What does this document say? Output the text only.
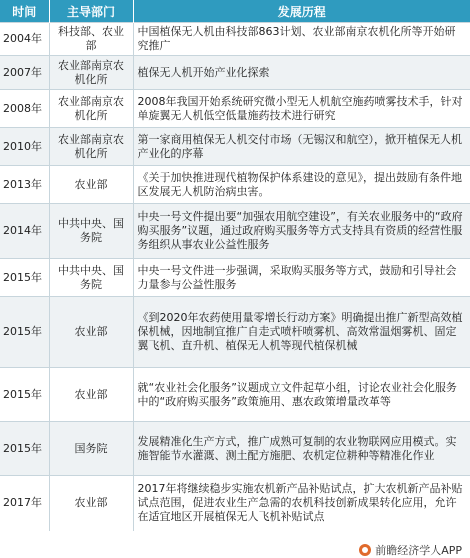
时间	主导部门	发展历程
2004年	科技部、农业部	中国植保无人机由科技部863计划、农业部南京农机化所等开始研究推广
2007年	农业部南京农机化所	植保无人机开始产业化探索
2008年	农业部南京农机化所	2008年我国开始系统研究微小型无人机航空施药喷雾技术手，针对单旋翼无人机低空低量施药技术进行研究
2010年	农业部南京农机化所	第一家商用植保无人机交付市场（无锡汉和航空），掀开植保无人机产业化的序幕
2013年	农业部	《关于加快推进现代植物保护体系建设的意见》，提出鼓励有条件地区发展无人机防治病虫害。
2014年	中共中央、国务院	中央一号文件提出要“加强农用航空建设”，有关农业服务中的“政府购买服务”议题，通过政府购买服务等方式支持具有资质的经营性服务组织从事农业公益性服务
2015年	中共中央、国务院	中央一号文件进一步强调，采取购买服务等方式，鼓励和引导社会力量参与公益性服务
2015年	农业部	《到2020年农药使用量零增长行动方案》明确提出推广新型高效植保机械，因地制宜推广自走式喷杆喷雾机、高效常温烟雾机、固定翼飞机、直升机、植保无人机等现代植保机械
2015年	农业部	就“农业社会化服务”议题成立文件起草小组，讨论农业社会化服务中的“政府购买服务”政策施用、惠农政策增量改革等
2015年	国务院	发展精准化生产方式，推广成熟可复制的农业物联网应用模式。实施智能节水灌溉、测土配方施肥、农机定位耕种等精准化作业
2017年	农业部	2017年将继续稳步实施农机新产品补贴试点，扩大农机新产品补贴试点范围，促进农业生产急需的农机科技创新成果转化应用，允许在适宜地区开展植保无人飞机补贴试点
前瞻经济学人APP
